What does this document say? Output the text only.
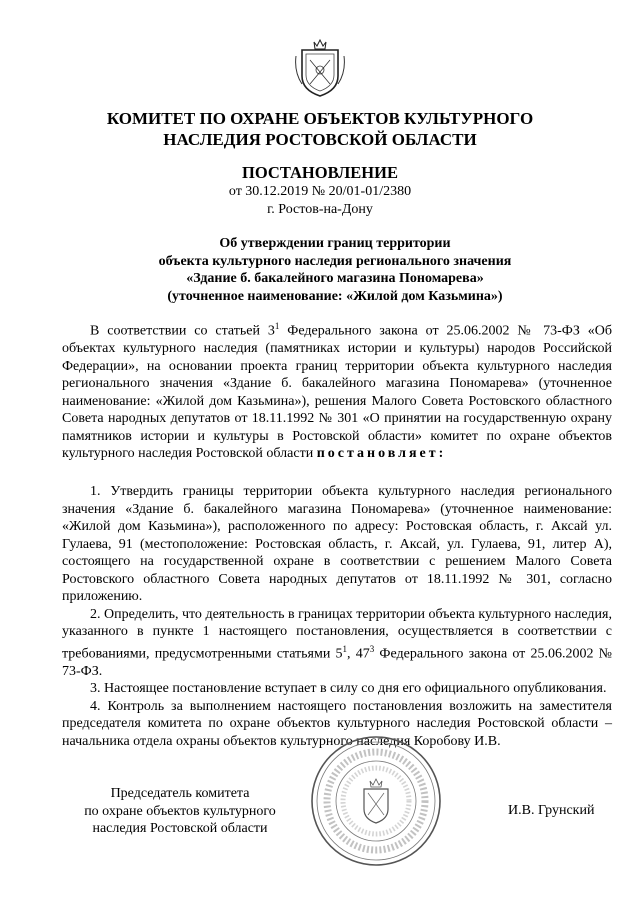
КОМИТЕТ ПО ОХРАНЕ ОБЪЕКТОВ КУЛЬТУРНОГО
НАСЛЕДИЯ РОСТОВСКОЙ ОБЛАСТИ
ПОСТАНОВЛЕНИЕ
от 30.12.2019 № 20/01-01/2380
г. Ростов-на-Дону
Об утверждении границ территории
объекта культурного наследия регионального значения
«Здание б. бакалейного магазина Пономарева»
(уточненное наименование: «Жилой дом Казьмина»)

В соответствии со статьей $3^1$ Федерального закона от 25.06.2002 № 73-ФЗ «Об объектах культурного наследия (памятниках истории и культуры) народов Российской Федерации», на основании проекта границ территории объекта культурного наследия регионального значения «Здание б. бакалейного магазина Пономарева» (уточненное наименование: «Жилой дом Казьмина»), решения Малого Совета Ростовского областного Совета народных депутатов от 18.11.1992 № 301 «О принятии на государственную охрану памятников истории и культуры в Ростовской области» комитет по охране объектов культурного наследия Ростовской области постановляет:

1. Утвердить границы территории объекта культурного наследия регионального значения «Здание б. бакалейного магазина Пономарева» (уточненное наименование: «Жилой дом Казьмина»), расположенного по адресу: Ростовская область, г. Аксай ул. Гулаева, 91 (местоположение: Ростовская область, г. Аксай, ул. Гулаева, 91, литер А), состоящего на государственной охране в соответствии с решением Малого Совета Ростовского областного Совета народных депутатов от 18.11.1992 № 301, согласно приложению.

2. Определить, что деятельность в границах территории объекта культурного наследия, указанного в пункте 1 настоящего постановления, осуществляется в соответствии с требованиями, предусмотренными статьями $5^1$, $47^3$ Федерального закона от 25.06.2002 № 73-ФЗ.

3. Настоящее постановление вступает в силу со дня его официального опубликования.

4. Контроль за выполнением настоящего постановления возложить на заместителя председателя комитета по охране объектов культурного наследия Ростовской области – начальника отдела охраны объектов культурного наследия Коробову И.В.

Председатель комитета
по охране объектов культурного
наследия Ростовской области
И.В. Грунский
